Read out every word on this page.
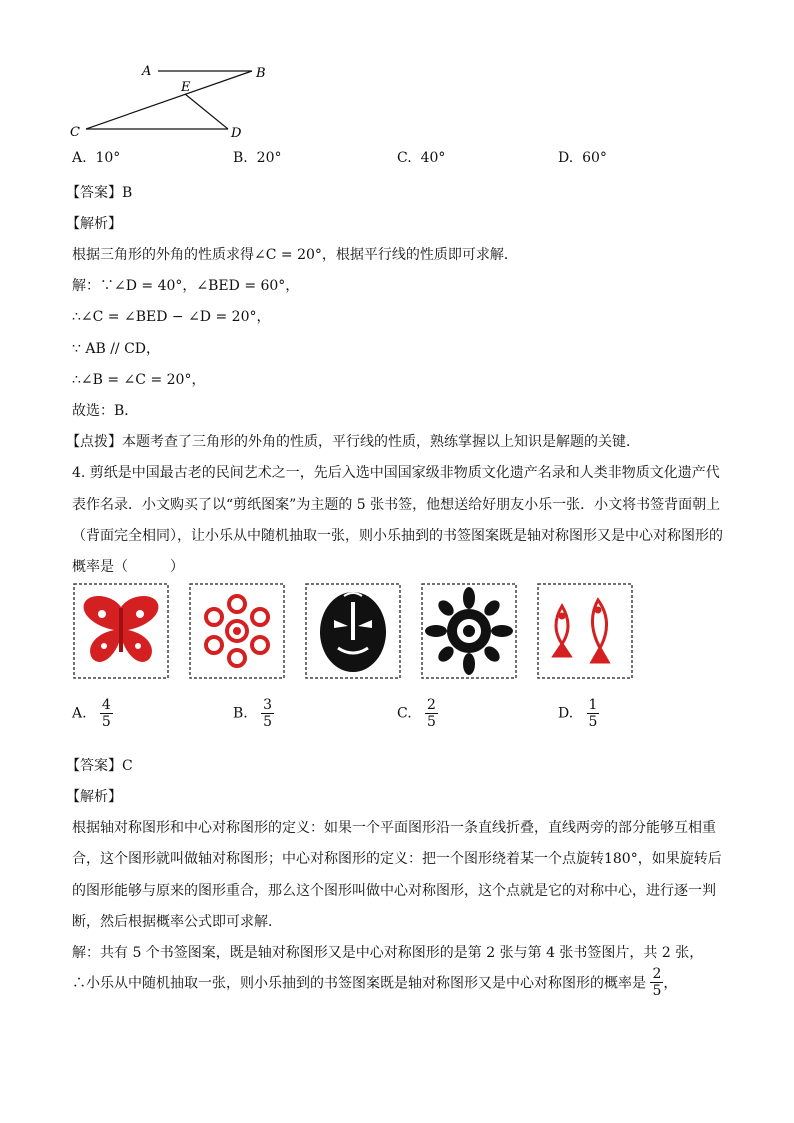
A	B
E
C	D
A. 10°	B. 20°	C. 40°	D. 60°
【答案】B
【解析】
根据三角形的外角的性质求得∠C = 20°，根据平行线的性质即可求解．
解：∵∠D = 40°，∠BED = 60°，
∴∠C = ∠BED − ∠D = 20°，
∵ AB // CD，
∴∠B = ∠C = 20°，
故选：B．
【点拨】本题考查了三角形的外角的性质，平行线的性质，熟练掌握以上知识是解题的关键．
4. 剪纸是中国最古老的民间艺术之一，先后入选中国国家级非物质文化遗产名录和人类非物质文化遗产代
表作名录．小文购买了以“剪纸图案”为主题的 5 张书签，他想送给好朋友小乐一张．小文将书签背面朝上
（背面完全相同），让小乐从中随机抽取一张，则小乐抽到的书签图案既是轴对称图形又是中心对称图形的
概率是（　　　）
A. $\frac{4}{5}$	B. $\frac{3}{5}$	C. $\frac{2}{5}$	D. $\frac{1}{5}$
【答案】C
【解析】
根据轴对称图形和中心对称图形的定义：如果一个平面图形沿一条直线折叠，直线两旁的部分能够互相重
合，这个图形就叫做轴对称图形；中心对称图形的定义：把一个图形绕着某一个点旋转180°，如果旋转后
的图形能够与原来的图形重合，那么这个图形叫做中心对称图形，这个点就是它的对称中心，进行逐一判
断，然后根据概率公式即可求解．
解：共有 5 个书签图案，既是轴对称图形又是中心对称图形的是第 2 张与第 4 张书签图片，共 2 张，
∴小乐从中随机抽取一张，则小乐抽到的书签图案既是轴对称图形又是中心对称图形的概率是 $\frac{2}{5}$ ，
